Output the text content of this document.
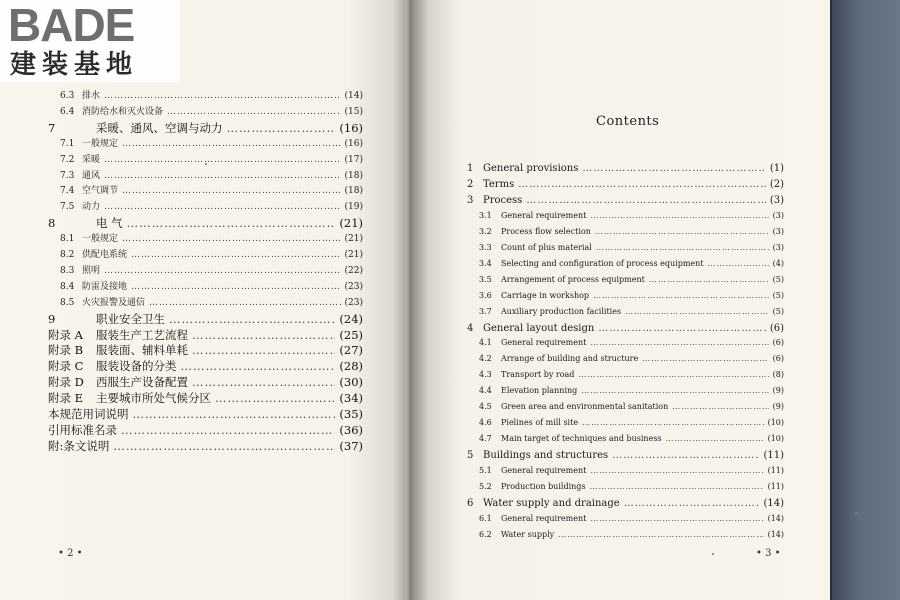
6.3 排水 …………………………………………………………………………………………………………………………………………………………	(14)
6.4 消防给水和灭火设备 …………………………………………………………………………………………………………………………………………………………	(15)
7	采暖、通风、空调与动力 …………………………………………………………………………………………………………………………………………………………	(16)
7.1 一般规定 …………………………………………………………………………………………………………………………………………………………	(16)
7.2 采暖 …………………………………………………………………………………………………………………………………………………………	(17)
7.3 通风 …………………………………………………………………………………………………………………………………………………………	(18)
7.4 空气调节 …………………………………………………………………………………………………………………………………………………………	(18)
7.5 动力 …………………………………………………………………………………………………………………………………………………………	(19)
8	电 气 …………………………………………………………………………………………………………………………………………………………	(21)
8.1 一般规定 …………………………………………………………………………………………………………………………………………………………	(21)
8.2 供配电系统 …………………………………………………………………………………………………………………………………………………………	(21)
8.3 照明 …………………………………………………………………………………………………………………………………………………………	(22)
8.4 防雷及接地 …………………………………………………………………………………………………………………………………………………………	(23)
8.5 火灾报警及通信 …………………………………………………………………………………………………………………………………………………………	(23)
9	职业安全卫生 …………………………………………………………………………………………………………………………………………………………	(24)
附录 A	服装生产工艺流程 …………………………………………………………………………………………………………………………………………………………	(25)
附录 B	服装面、辅料单耗 …………………………………………………………………………………………………………………………………………………………	(27)
附录 C	服装设备的分类 …………………………………………………………………………………………………………………………………………………………	(28)
附录 D	西服生产设备配置 …………………………………………………………………………………………………………………………………………………………	(30)
附录 E	主要城市所处气候分区 …………………………………………………………………………………………………………………………………………………………	(34)
本规范用词说明 …………………………………………………………………………………………………………………………………………………………	(35)
引用标准名录 …………………………………………………………………………………………………………………………………………………………	(36)
附:条文说明 …………………………………………………………………………………………………………………………………………………………	(37)
• 2 •	• 3 •
Contents
1 General provisions …………………………………………………………………………………………………………………………………………………………	(1)
2 Terms …………………………………………………………………………………………………………………………………………………………	(2)
3 Process …………………………………………………………………………………………………………………………………………………………	(3)
3.1	General requirement …………………………………………………………………………………………………………………………………………………………	(3)
3.2	Process flow selection …………………………………………………………………………………………………………………………………………………………	(3)
3.3	Count of plus material …………………………………………………………………………………………………………………………………………………………	(3)
3.4	Selecting and configuration of process equipment …………………………………………………………………………………………………………………………………………………………	(4)
3.5	Arrangement of process equipment …………………………………………………………………………………………………………………………………………………………	(5)
3.6	Carriage in workshop …………………………………………………………………………………………………………………………………………………………	(5)
3.7	Auxiliary production facilities …………………………………………………………………………………………………………………………………………………………	(5)
4 General layout design …………………………………………………………………………………………………………………………………………………………	(6)
4.1	General requirement …………………………………………………………………………………………………………………………………………………………	(6)
4.2	Arrange of building and structure …………………………………………………………………………………………………………………………………………………………	(6)
4.3	Transport by road …………………………………………………………………………………………………………………………………………………………	(8)
4.4	Elevation planning …………………………………………………………………………………………………………………………………………………………	(9)
4.5	Green area and environmental sanitation …………………………………………………………………………………………………………………………………………………………	(9)
4.6	Pielines of mill site …………………………………………………………………………………………………………………………………………………………	(10)
4.7	Main target of techniques and business …………………………………………………………………………………………………………………………………………………………	(10)
5 Buildings and structures …………………………………………………………………………………………………………………………………………………………	(11)
5.1	General requirement …………………………………………………………………………………………………………………………………………………………	(11)
5.2	Production buildings …………………………………………………………………………………………………………………………………………………………	(11)
6 Water supply and drainage …………………………………………………………………………………………………………………………………………………………	(14)
6.1	General requirement …………………………………………………………………………………………………………………………………………………………	(14)
6.2	Water supply …………………………………………………………………………………………………………………………………………………………	(14)
BADE
建装基地
